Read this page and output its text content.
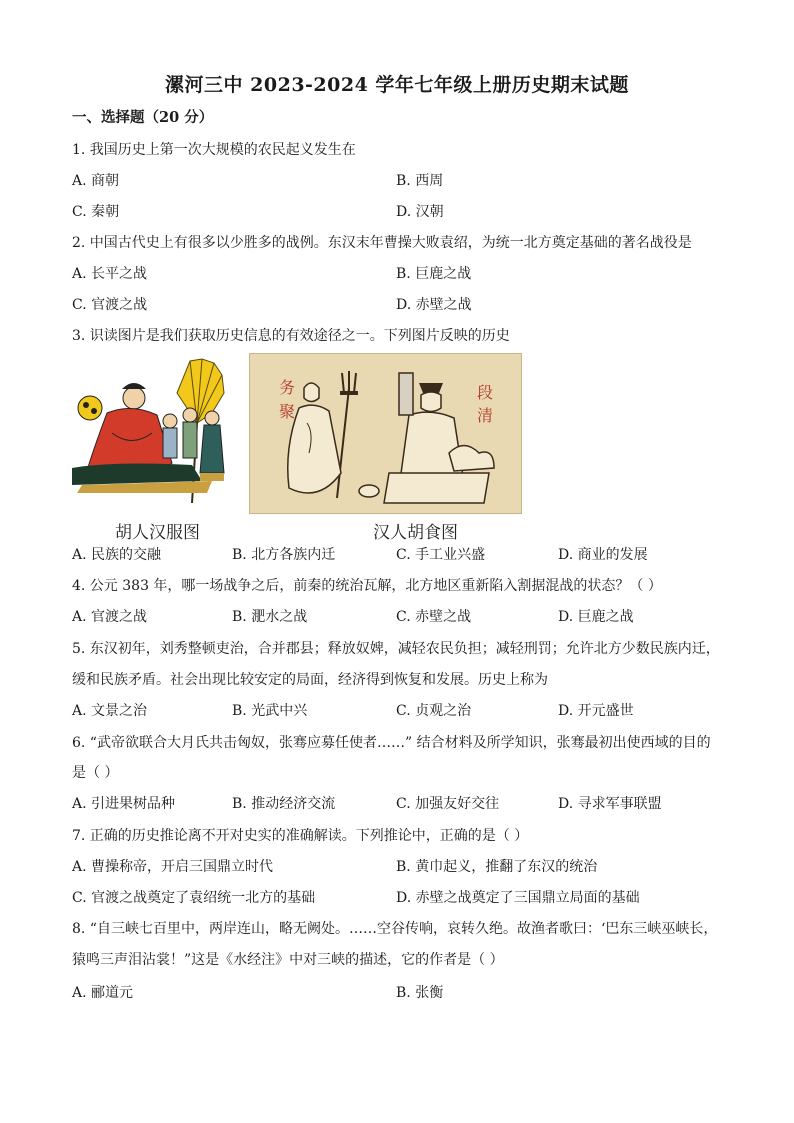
漯河三中 2023-2024 学年七年级上册历史期末试题
一、选择题（20 分）
1. 我国历史上第一次大规模的农民起义发生在
A. 商朝	B. 西周
C. 秦朝	D. 汉朝
2. 中国古代史上有很多以少胜多的战例。东汉末年曹操大败袁绍，为统一北方奠定基础的著名战役是
A. 长平之战	B. 巨鹿之战
C. 官渡之战	D. 赤壁之战
3. 识读图片是我们获取历史信息的有效途径之一。下列图片反映的历史
胡人汉服图
务
聚
段
清
汉人胡食图
A. 民族的交融	B. 北方各族内迁	C. 手工业兴盛	D. 商业的发展
4. 公元 383 年，哪一场战争之后，前秦的统治瓦解，北方地区重新陷入割据混战的状态？（ ）
A. 官渡之战	B. 淝水之战	C. 赤壁之战	D. 巨鹿之战
5. 东汉初年，刘秀整顿吏治，合并郡县；释放奴婢，减轻农民负担；减轻刑罚；允许北方少数民族内迁，
缓和民族矛盾。社会出现比较安定的局面，经济得到恢复和发展。历史上称为
A. 文景之治	B. 光武中兴	C. 贞观之治	D. 开元盛世
6. “武帝欲联合大月氏共击匈奴，张骞应募任使者……” 结合材料及所学知识，张骞最初出使西域的目的
是（ ）
A. 引进果树品种	B. 推动经济交流	C. 加强友好交往	D. 寻求军事联盟
7. 正确的历史推论离不开对史实的准确解读。下列推论中，正确的是（ ）
A. 曹操称帝，开启三国鼎立时代	B. 黄巾起义，推翻了东汉的统治
C. 官渡之战奠定了袁绍统一北方的基础	D. 赤壁之战奠定了三国鼎立局面的基础
8. “自三峡七百里中，两岸连山，略无阙处。……空谷传响，哀转久绝。故渔者歌曰：‘巴东三峡巫峡长，
猿鸣三声泪沾裳！”这是《水经注》中对三峡的描述，它的作者是（ ）
A. 郦道元	B. 张衡
